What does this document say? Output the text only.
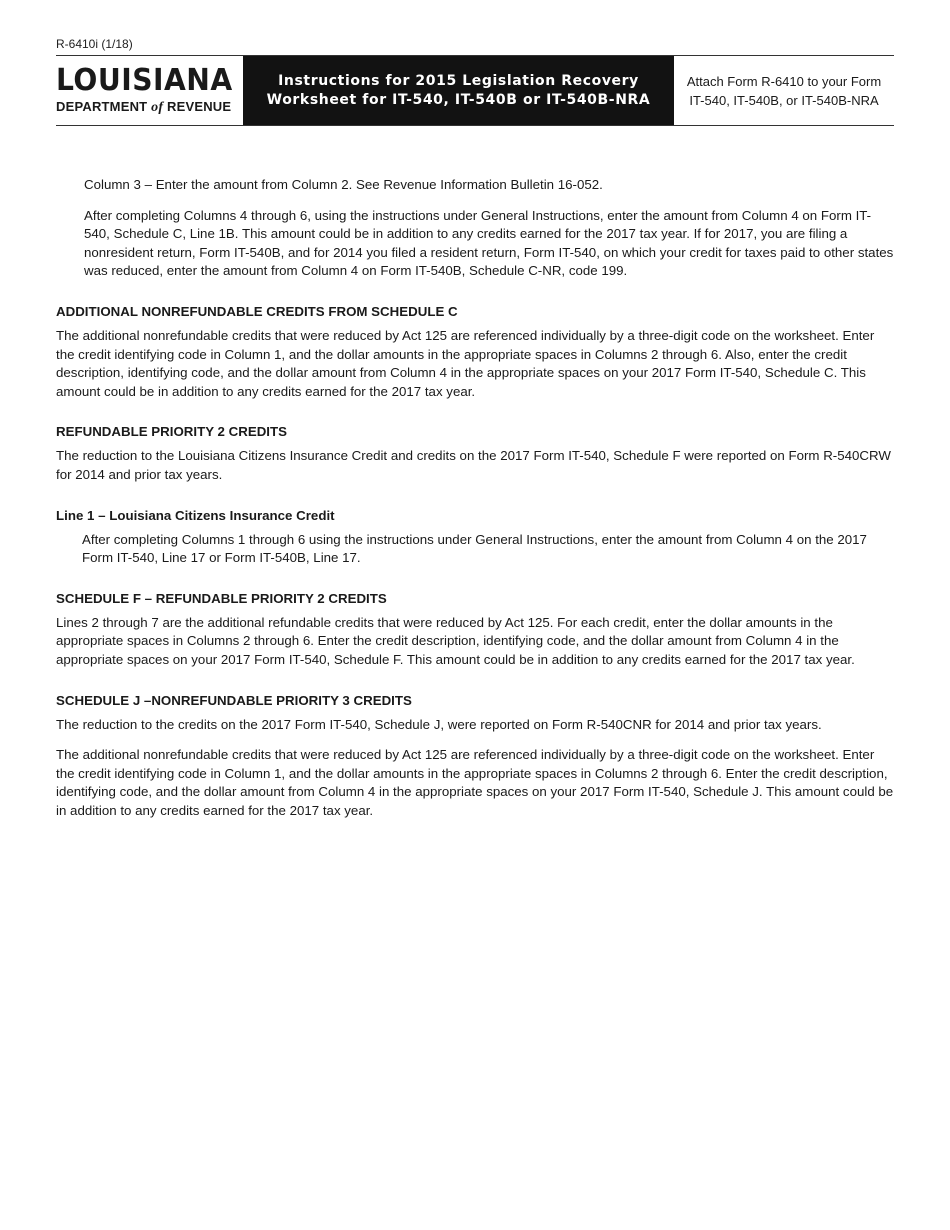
R-6410i (1/18)
LOUISIANA
DEPARTMENT of REVENUE
Instructions for 2015 Legislation Recovery
Worksheet for IT-540, IT-540B or IT-540B-NRA
Attach Form R-6410 to your Form
IT-540, IT-540B, or IT-540B-NRA

Column 3 – Enter the amount from Column 2. See Revenue Information Bulletin 16-052.

After completing Columns 4 through 6, using the instructions under General Instructions, enter the amount from Column 4 on Form IT-540, Schedule C, Line 1B. This amount could be in addition to any credits earned for the 2017 tax year. If for 2017, you are filing a nonresident return, Form IT-540B, and for 2014 you filed a resident return, Form IT-540, on which your credit for taxes paid to other states was reduced, enter the amount from Column 4 on Form IT-540B, Schedule C-NR, code 199.

ADDITIONAL NONREFUNDABLE CREDITS FROM SCHEDULE C

The additional nonrefundable credits that were reduced by Act 125 are referenced individually by a three-digit code on the worksheet. Enter the credit identifying code in Column 1, and the dollar amounts in the appropriate spaces in Columns 2 through 6. Also, enter the credit description, identifying code, and the dollar amount from Column 4 in the appropriate spaces on your 2017 Form IT-540, Schedule C. This amount could be in addition to any credits earned for the 2017 tax year.

REFUNDABLE PRIORITY 2 CREDITS

The reduction to the Louisiana Citizens Insurance Credit and credits on the 2017 Form IT-540, Schedule F were reported on Form R-540CRW for 2014 and prior tax years.

Line 1 – Louisiana Citizens Insurance Credit

After completing Columns 1 through 6 using the instructions under General Instructions, enter the amount from Column 4 on the 2017 Form IT-540, Line 17 or Form IT-540B, Line 17.

SCHEDULE F – REFUNDABLE PRIORITY 2 CREDITS

Lines 2 through 7 are the additional refundable credits that were reduced by Act 125. For each credit, enter the dollar amounts in the appropriate spaces in Columns 2 through 6. Enter the credit description, identifying code, and the dollar amount from Column 4 in the appropriate spaces on your 2017 Form IT-540, Schedule F. This amount could be in addition to any credits earned for the 2017 tax year.

SCHEDULE J –NONREFUNDABLE PRIORITY 3 CREDITS

The reduction to the credits on the 2017 Form IT-540, Schedule J, were reported on Form R-540CNR for 2014 and prior tax years.

The additional nonrefundable credits that were reduced by Act 125 are referenced individually by a three-digit code on the worksheet. Enter the credit identifying code in Column 1, and the dollar amounts in the appropriate spaces in Columns 2 through 6. Enter the credit description, identifying code, and the dollar amount from Column 4 in the appropriate spaces on your 2017 Form IT-540, Schedule J. This amount could be in addition to any credits earned for the 2017 tax year.
